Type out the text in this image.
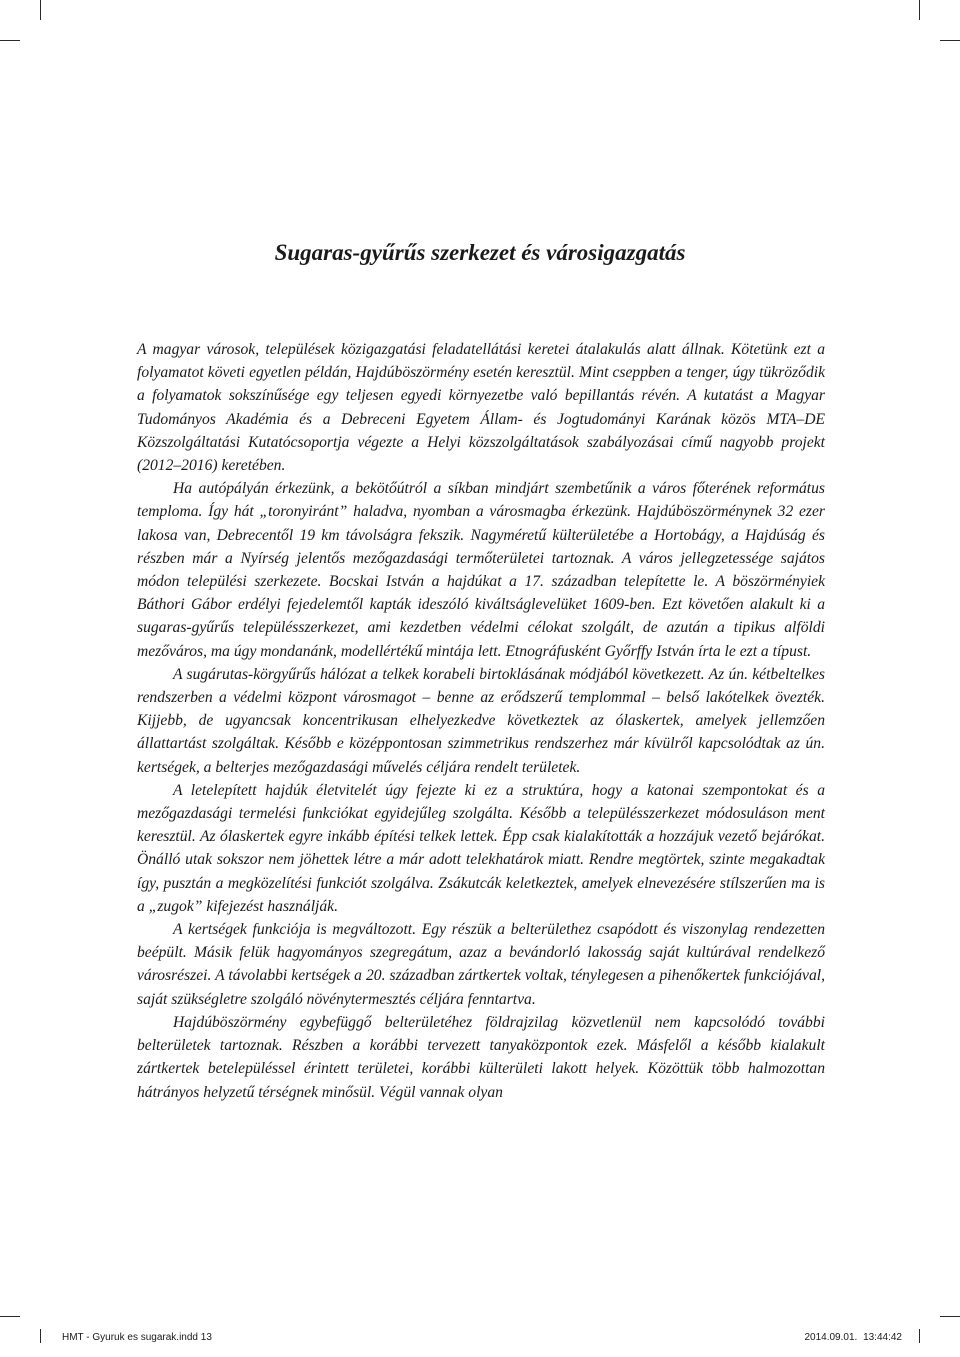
Sugaras-gyűrűs szerkezet és városigazgatás

A magyar városok, települések közigazgatási feladatellátási keretei átalakulás alatt állnak. Kötetünk ezt a folyamatot követi egyetlen példán, Hajdúböszörmény esetén keresztül. Mint cseppben a tenger, úgy tükröződik a folyamatok sokszínűsége egy teljesen egyedi környezetbe való bepillantás révén. A kutatást a Magyar Tudományos Akadémia és a Debreceni Egyetem Állam- és Jogtudományi Karának közös MTA–DE Közszolgáltatási Kutatócsoportja végezte a Helyi közszolgáltatások szabályozásai című nagyobb projekt (2012–2016) keretében.

Ha autópályán érkezünk, a bekötőútról a síkban mindjárt szembetűnik a város főterének református temploma. Így hát „toronyiránt” haladva, nyomban a városmagba érkezünk. Hajdúböszörménynek 32 ezer lakosa van, Debrecentől 19 km távolságra fekszik. Nagyméretű külterületébe a Hortobágy, a Hajdúság és részben már a Nyírség jelentős mezőgazdasági termőterületei tartoznak. A város jellegzetessége sajátos módon települési szerkezete. Bocskai István a hajdúkat a 17. században telepítette le. A böszörményiek Báthori Gábor erdélyi fejedelemtől kapták ideszóló kiváltságlevelüket 1609-ben. Ezt követően alakult ki a sugaras-gyűrűs településszerkezet, ami kezdetben védelmi célokat szolgált, de azután a tipikus alföldi mezőváros, ma úgy mondanánk, modellértékű mintája lett. Etnográfusként Győrffy István írta le ezt a típust.

A sugárutas-körgyűrűs hálózat a telkek korabeli birtoklásának módjából következett. Az ún. kétbeltelkes rendszerben a védelmi központ városmagot – benne az erődszerű templommal – belső lakótelkek övezték. Kijjebb, de ugyancsak koncentrikusan elhelyezkedve következtek az ólaskertek, amelyek jellemzően állattartást szolgáltak. Később e középpontosan szimmetrikus rendszerhez már kívülről kapcsolódtak az ún. kertségek, a belterjes mezőgazdasági művelés céljára rendelt területek.

A letelepített hajdúk életvitelét úgy fejezte ki ez a struktúra, hogy a katonai szempontokat és a mezőgazdasági termelési funkciókat egyidejűleg szolgálta. Később a településszerkezet módosuláson ment keresztül. Az ólaskertek egyre inkább építési telkek lettek. Épp csak kialakították a hozzájuk vezető bejárókat. Önálló utak sokszor nem jöhettek létre a már adott telekhatárok miatt. Rendre megtörtek, szinte megakadtak így, pusztán a megközelítési funkciót szolgálva. Zsákutcák keletkeztek, amelyek elnevezésére stílszerűen ma is a „zugok” kifejezést használják.

A kertségek funkciója is megváltozott. Egy részük a belterülethez csapódott és viszonylag rendezetten beépült. Másik felük hagyományos szegregátum, azaz a bevándorló lakosság saját kultúrával rendelkező városrészei. A távolabbi kertségek a 20. században zártkertek voltak, ténylegesen a pihenőkertek funkciójával, saját szükségletre szolgáló növénytermesztés céljára fenntartva.

Hajdúböszörmény egybefüggő belterületéhez földrajzilag közvetlenül nem kapcsolódó további belterületek tartoznak. Részben a korábbi tervezett tanyaközpontok ezek. Másfelől a később kialakult zártkertek betelepüléssel érintett területei, korábbi külterületi lakott helyek. Közöttük több halmozottan hátrányos helyzetű térségnek minősül. Végül vannak olyan

HMT - Gyuruk es sugarak.indd 13	2014.09.01. 13:44:42
